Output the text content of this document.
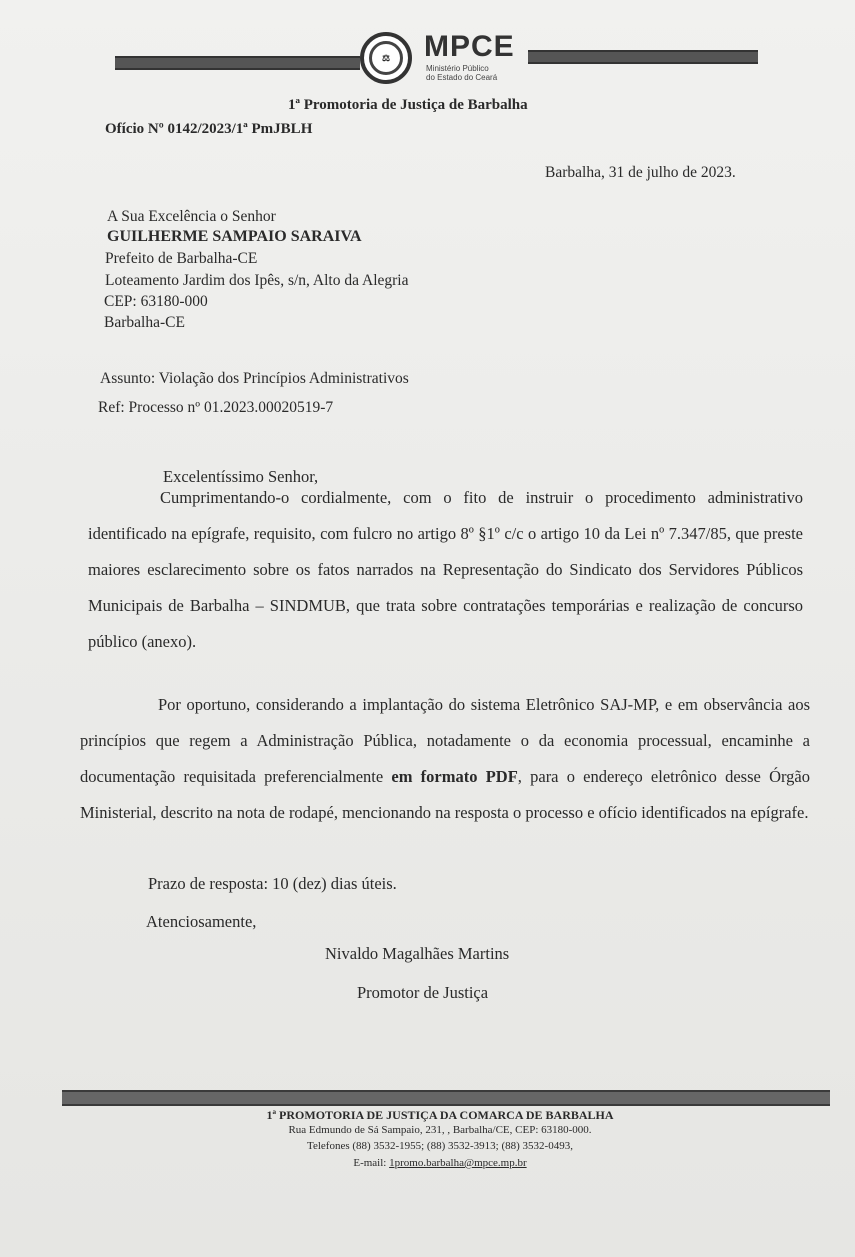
⚖	MPCE
Ministério Público
do Estado do Ceará
1ª Promotoria de Justiça de Barbalha
Ofício Nº 0142/2023/1ª PmJBLH
Barbalha, 31 de julho de 2023.
A Sua Excelência o Senhor
GUILHERME SAMPAIO SARAIVA
Prefeito de Barbalha-CE
Loteamento Jardim dos Ipês, s/n, Alto da Alegria
CEP: 63180-000
Barbalha-CE
Assunto: Violação dos Princípios Administrativos
Ref: Processo nº 01.2023.00020519-7
Excelentíssimo Senhor,
Cumprimentando-o cordialmente, com o fito de instruir o procedimento administrativo identificado na epígrafe, requisito, com fulcro no artigo 8º §1º c/c o artigo 10 da Lei nº 7.347/85, que preste maiores esclarecimento sobre os fatos narrados na Representação do Sindicato dos Servidores Públicos Municipais de Barbalha – SINDMUB, que trata sobre contratações temporárias e realização de concurso público (anexo).
Por oportuno, considerando a implantação do sistema Eletrônico SAJ-MP, e em observância aos princípios que regem a Administração Pública, notadamente o da economia processual, encaminhe a documentação requisitada preferencialmente em formato PDF, para o endereço eletrônico desse Órgão Ministerial, descrito na nota de rodapé, mencionando na resposta o processo e ofício identificados na epígrafe.
Prazo de resposta: 10 (dez) dias úteis.
Atenciosamente,
Nivaldo Magalhães Martins
Promotor de Justiça
1ª PROMOTORIA DE JUSTIÇA DA COMARCA DE BARBALHA
Rua Edmundo de Sá Sampaio, 231, , Barbalha/CE, CEP: 63180-000.
Telefones (88) 3532-1955; (88) 3532-3913; (88) 3532-0493,
E-mail: 1promo.barbalha@mpce.mp.br
